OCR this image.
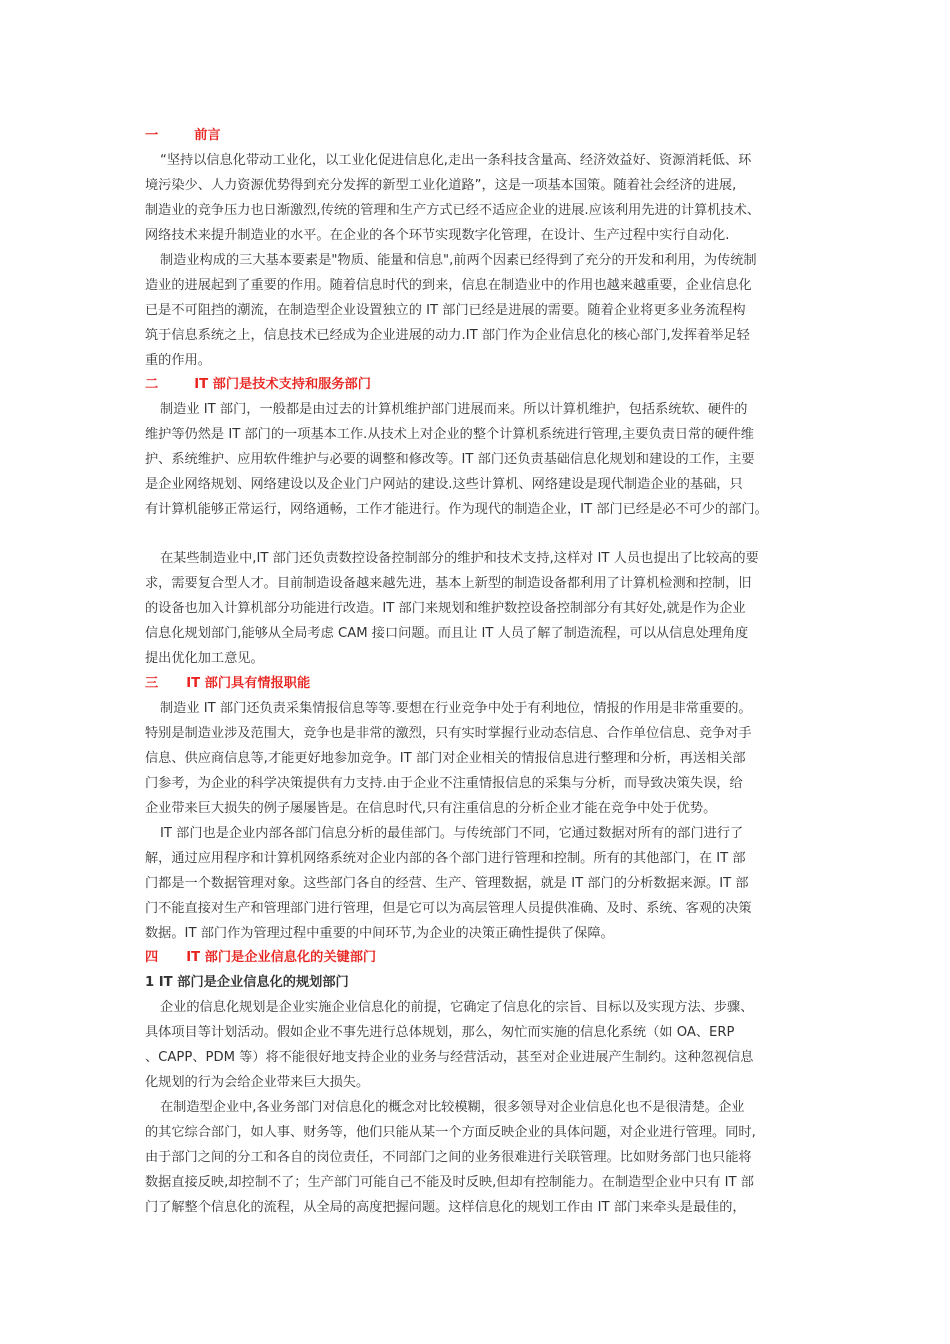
一	前言
“坚持以信息化带动工业化，以工业化促进信息化,走出一条科技含量高、经济效益好、资源消耗低、环
境污染少、人力资源优势得到充分发挥的新型工业化道路”，这是一项基本国策。随着社会经济的进展,
制造业的竞争压力也日渐激烈,传统的管理和生产方式已经不适应企业的进展.应该利用先进的计算机技术、
网络技术来提升制造业的水平。在企业的各个环节实现数字化管理，在设计、生产过程中实行自动化.
制造业构成的三大基本要素是"物质、能量和信息",前两个因素已经得到了充分的开发和利用，为传统制
造业的进展起到了重要的作用。随着信息时代的到来，信息在制造业中的作用也越来越重要，企业信息化
已是不可阻挡的潮流，在制造型企业设置独立的 IT 部门已经是进展的需要。随着企业将更多业务流程构
筑于信息系统之上，信息技术已经成为企业进展的动力.IT 部门作为企业信息化的核心部门,发挥着举足轻
重的作用。
二	IT 部门是技术支持和服务部门
制造业 IT 部门，一般都是由过去的计算机维护部门进展而来。所以计算机维护，包括系统软、硬件的
维护等仍然是 IT 部门的一项基本工作.从技术上对企业的整个计算机系统进行管理,主要负责日常的硬件维
护、系统维护、应用软件维护与必要的调整和修改等。IT 部门还负责基础信息化规划和建设的工作，主要
是企业网络规划、网络建设以及企业门户网站的建设.这些计算机、网络建设是现代制造企业的基础，只
有计算机能够正常运行，网络通畅，工作才能进行。作为现代的制造企业，IT 部门已经是必不可少的部门。
在某些制造业中,IT 部门还负责数控设备控制部分的维护和技术支持,这样对 IT 人员也提出了比较高的要
求，需要复合型人才。目前制造设备越来越先进，基本上新型的制造设备都利用了计算机检测和控制，旧
的设备也加入计算机部分功能进行改造。IT 部门来规划和维护数控设备控制部分有其好处,就是作为企业
信息化规划部门,能够从全局考虑 CAM 接口问题。而且让 IT 人员了解了制造流程，可以从信息处理角度
提出优化加工意见。
三 IT 部门具有情报职能
制造业 IT 部门还负责采集情报信息等等.要想在行业竞争中处于有利地位，情报的作用是非常重要的。
特别是制造业涉及范围大，竞争也是非常的激烈，只有实时掌握行业动态信息、合作单位信息、竞争对手
信息、供应商信息等,才能更好地参加竞争。IT 部门对企业相关的情报信息进行整理和分析，再送相关部
门参考，为企业的科学决策提供有力支持.由于企业不注重情报信息的采集与分析，而导致决策失误，给
企业带来巨大损失的例子屡屡皆是。在信息时代,只有注重信息的分析企业才能在竞争中处于优势。
IT 部门也是企业内部各部门信息分析的最佳部门。与传统部门不同，它通过数据对所有的部门进行了
解，通过应用程序和计算机网络系统对企业内部的各个部门进行管理和控制。所有的其他部门，在 IT 部
门都是一个数据管理对象。这些部门各自的经营、生产、管理数据，就是 IT 部门的分析数据来源。IT 部
门不能直接对生产和管理部门进行管理，但是它可以为高层管理人员提供准确、及时、系统、客观的决策
数据。IT 部门作为管理过程中重要的中间环节,为企业的决策正确性提供了保障。
四 IT 部门是企业信息化的关键部门
1 IT 部门是企业信息化的规划部门
企业的信息化规划是企业实施企业信息化的前提，它确定了信息化的宗旨、目标以及实现方法、步骤、
具体项目等计划活动。假如企业不事先进行总体规划，那么，匆忙而实施的信息化系统（如 OA、ERP
、CAPP、PDM 等）将不能很好地支持企业的业务与经营活动，甚至对企业进展产生制约。这种忽视信息
化规划的行为会给企业带来巨大损失。
在制造型企业中,各业务部门对信息化的概念对比较模糊，很多领导对企业信息化也不是很清楚。企业
的其它综合部门，如人事、财务等，他们只能从某一个方面反映企业的具体问题，对企业进行管理。同时,
由于部门之间的分工和各自的岗位责任，不同部门之间的业务很难进行关联管理。比如财务部门也只能将
数据直接反映,却控制不了；生产部门可能自己不能及时反映,但却有控制能力。在制造型企业中只有 IT 部
门了解整个信息化的流程，从全局的高度把握问题。这样信息化的规划工作由 IT 部门来牵头是最佳的，
